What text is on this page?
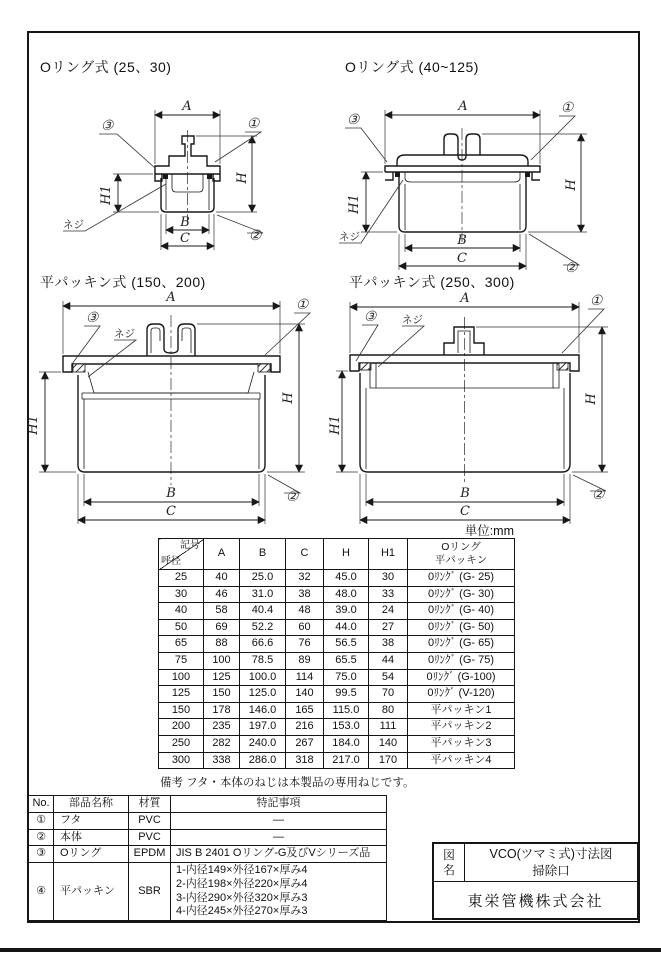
Oリング式 (25、30)	Oリング式 (40~125)
平パッキン式 (150、200)	平パッキン式 (250、300)
A
H
H1
B
C
③	①
②
ネジ
A
H
H1
B
C
③
①
②
ネジ
A
H
H1
B
C
③
①
②
ネジ
A
H
H1
B
C
③
①
②
ネジ
単位:mm
記号
呼径
	A	B	C	H	H1	
Oリング
平パッキン

25	40	25.0	32	45.0	30	0ﾘﾝｸﾞ (G- 25)
30	46	31.0	38	48.0	33	0ﾘﾝｸﾞ (G- 30)
40	58	40.4	48	39.0	24	0ﾘﾝｸﾞ (G- 40)
50	69	52.2	60	44.0	27	0ﾘﾝｸﾞ (G- 50)
65	88	66.6	76	56.5	38	0ﾘﾝｸﾞ (G- 65)
75	100	78.5	89	65.5	44	0ﾘﾝｸﾞ (G- 75)
100	125	100.0	114	75.0	54	0ﾘﾝｸﾞ (G-100)
125	150	125.0	140	99.5	70	0ﾘﾝｸﾞ (V-120)
150	178	146.0	165	115.0	80	平パッキン1
200	235	197.0	216	153.0	111	平パッキン2
250	282	240.0	267	184.0	140	平パッキン3
300	338	286.0	318	217.0	170	平パッキン4
備考 フタ・本体のねじは本製品の専用ねじです。
No.	部品名称	材質	特記事項
①	フタ	PVC	—
②	本体	PVC	—
③	Oリング	EPDM	JIS B 2401 Oリング-G及びVシリーズ品
④	平パッキン	SBR	1-内径149×外径167×厚み4
2-内径198×外径220×厚み4
3-内径290×外径320×厚み3
4-内径245×外径270×厚み3
図名
VCO(ツマミ式)寸法図
掃除口
東栄管機株式会社
